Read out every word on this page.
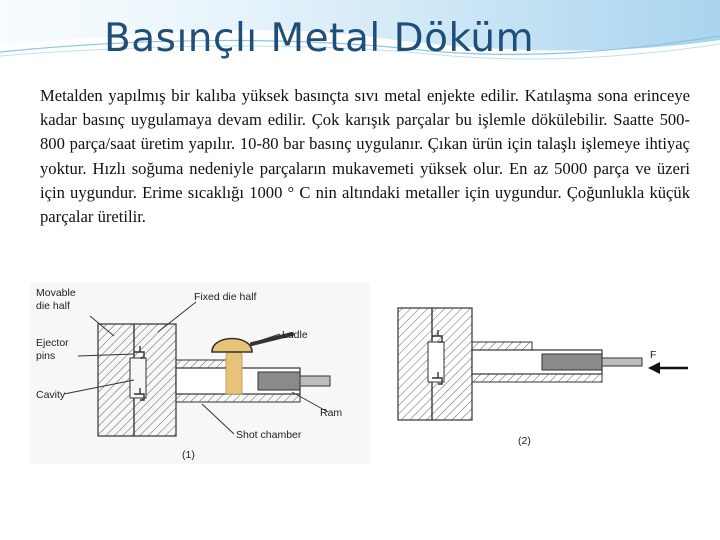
Basınçlı Metal Döküm
Metalden yapılmış bir kalıba yüksek basınçta sıvı metal enjekte edilir. Katılaşma sona erinceye kadar basınç uygulamaya devam edilir. Çok karışık parçalar bu işlemle dökülebilir. Saatte 500-800 parça/saat üretim yapılır. 10-80 bar basınç uygulanır. Çıkan ürün için talaşlı işlemeye ihtiyaç yoktur. Hızlı soğuma nedeniyle parçaların mukavemeti yüksek olur. En az 5000 parça ve üzeri için uygundur. Erime sıcaklığı 1000 ° C nin altındaki metaller için uygundur. Çoğunlukla küçük parçalar üretilir.
Movable
die half
Fixed die half
Ejector
pins
Cavity
Ladle
Ram
Shot chamber
(1)
F
(2)
